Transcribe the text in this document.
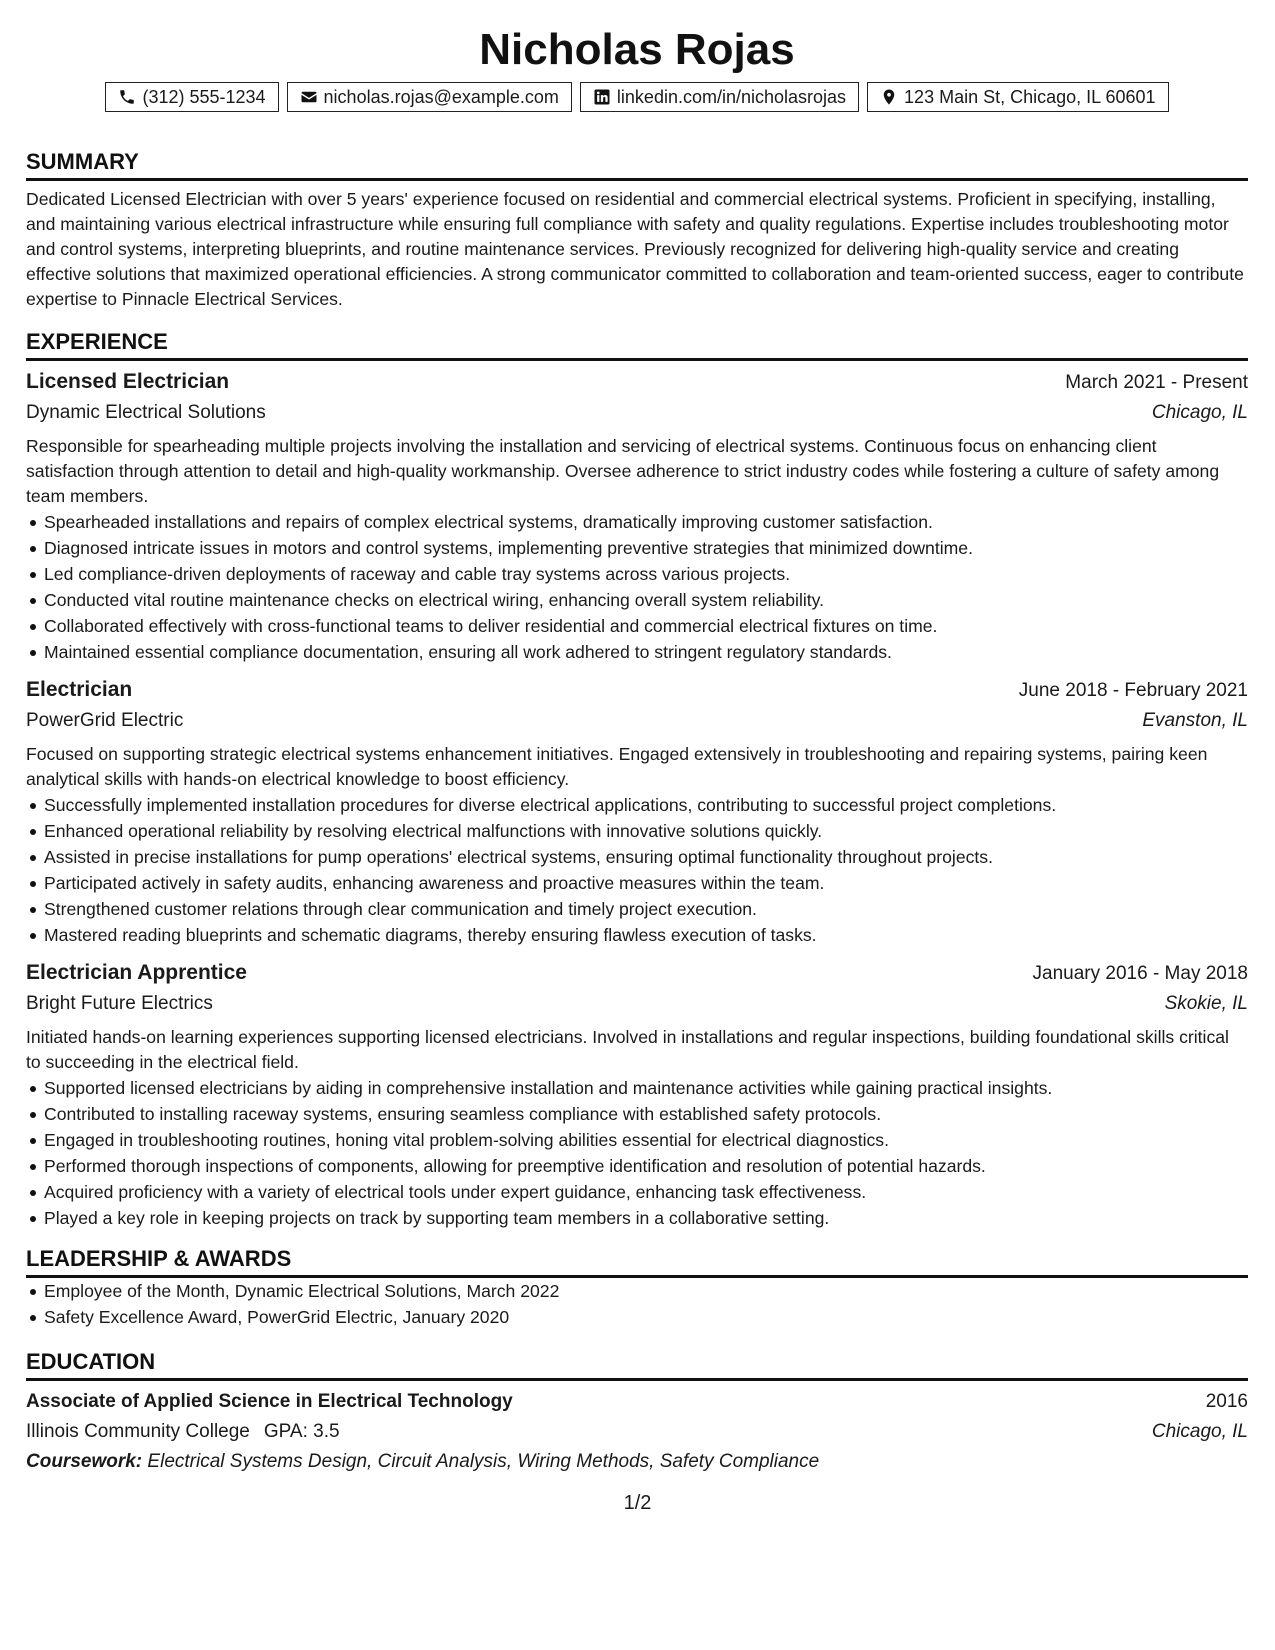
Nicholas Rojas
(312) 555-1234	nicholas.rojas@example.com	linkedin.com/in/nicholasrojas	123 Main St, Chicago, IL 60601
SUMMARY
Dedicated Licensed Electrician with over 5 years' experience focused on residential and commercial electrical systems. Proficient in specifying, installing, and maintaining various electrical infrastructure while ensuring full compliance with safety and quality regulations. Expertise includes troubleshooting motor and control systems, interpreting blueprints, and routine maintenance services. Previously recognized for delivering high-quality service and creating effective solutions that maximized operational efficiencies. A strong communicator committed to collaboration and team-oriented success, eager to contribute expertise to Pinnacle Electrical Services.
EXPERIENCE
Licensed Electrician	March 2021 - Present
Dynamic Electrical Solutions	Chicago, IL
Responsible for spearheading multiple projects involving the installation and servicing of electrical systems. Continuous focus on enhancing client satisfaction through attention to detail and high-quality workmanship. Oversee adherence to strict industry codes while fostering a culture of safety among team members.
Spearheaded installations and repairs of complex electrical systems, dramatically improving customer satisfaction.
Diagnosed intricate issues in motors and control systems, implementing preventive strategies that minimized downtime.
Led compliance-driven deployments of raceway and cable tray systems across various projects.
Conducted vital routine maintenance checks on electrical wiring, enhancing overall system reliability.
Collaborated effectively with cross-functional teams to deliver residential and commercial electrical fixtures on time.
Maintained essential compliance documentation, ensuring all work adhered to stringent regulatory standards.
Electrician	June 2018 - February 2021
PowerGrid Electric	Evanston, IL
Focused on supporting strategic electrical systems enhancement initiatives. Engaged extensively in troubleshooting and repairing systems, pairing keen analytical skills with hands-on electrical knowledge to boost efficiency.
Successfully implemented installation procedures for diverse electrical applications, contributing to successful project completions.
Enhanced operational reliability by resolving electrical malfunctions with innovative solutions quickly.
Assisted in precise installations for pump operations' electrical systems, ensuring optimal functionality throughout projects.
Participated actively in safety audits, enhancing awareness and proactive measures within the team.
Strengthened customer relations through clear communication and timely project execution.
Mastered reading blueprints and schematic diagrams, thereby ensuring flawless execution of tasks.
Electrician Apprentice	January 2016 - May 2018
Bright Future Electrics	Skokie, IL
Initiated hands-on learning experiences supporting licensed electricians. Involved in installations and regular inspections, building foundational skills critical to succeeding in the electrical field.
Supported licensed electricians by aiding in comprehensive installation and maintenance activities while gaining practical insights.
Contributed to installing raceway systems, ensuring seamless compliance with established safety protocols.
Engaged in troubleshooting routines, honing vital problem-solving abilities essential for electrical diagnostics.
Performed thorough inspections of components, allowing for preemptive identification and resolution of potential hazards.
Acquired proficiency with a variety of electrical tools under expert guidance, enhancing task effectiveness.
Played a key role in keeping projects on track by supporting team members in a collaborative setting.
LEADERSHIP & AWARDS
Employee of the Month, Dynamic Electrical Solutions, March 2022
Safety Excellence Award, PowerGrid Electric, January 2020
EDUCATION
Associate of Applied Science in Electrical Technology	2016
Illinois Community College GPA: 3.5	Chicago, IL
Coursework: Electrical Systems Design, Circuit Analysis, Wiring Methods, Safety Compliance
1/2
